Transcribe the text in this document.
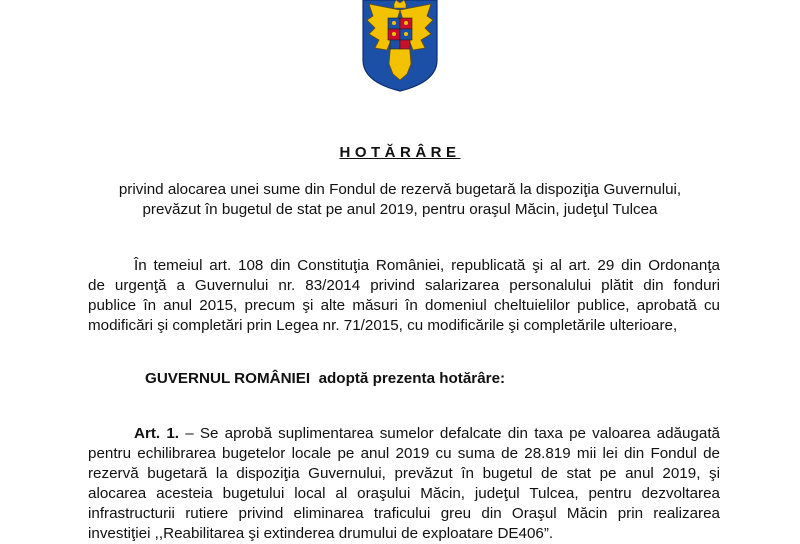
HOTĂRÂRE
privind alocarea unei sume din Fondul de rezervă bugetară la dispoziţia Guvernului,
prevăzut în bugetul de stat pe anul 2019, pentru oraşul Măcin, judeţul Tulcea
În temeiul art. 108 din Constituţia României, republicată şi al art. 29 din Ordonanţa
de urgenţă a Guvernului nr. 83/2014 privind salarizarea personalului plătit din fonduri
publice în anul 2015, precum şi alte măsuri în domeniul cheltuielilor publice, aprobată cu
modificări şi completări prin Legea nr. 71/2015, cu modificările şi completările ulterioare,
GUVERNUL ROMÂNIEI adoptă prezenta hotărâre:
Art. 1. – Se aprobă suplimentarea sumelor defalcate din taxa pe valoarea adăugată
pentru echilibrarea bugetelor locale pe anul 2019 cu suma de 28.819 mii lei din Fondul de
rezervă bugetară la dispoziţia Guvernului, prevăzut în bugetul de stat pe anul 2019, şi
alocarea acesteia bugetului local al oraşului Măcin, judeţul Tulcea, pentru dezvoltarea
infrastructurii rutiere privind eliminarea traficului greu din Oraşul Măcin prin realizarea
investiţiei ,,Reabilitarea şi extinderea drumului de exploatare DE406”.
